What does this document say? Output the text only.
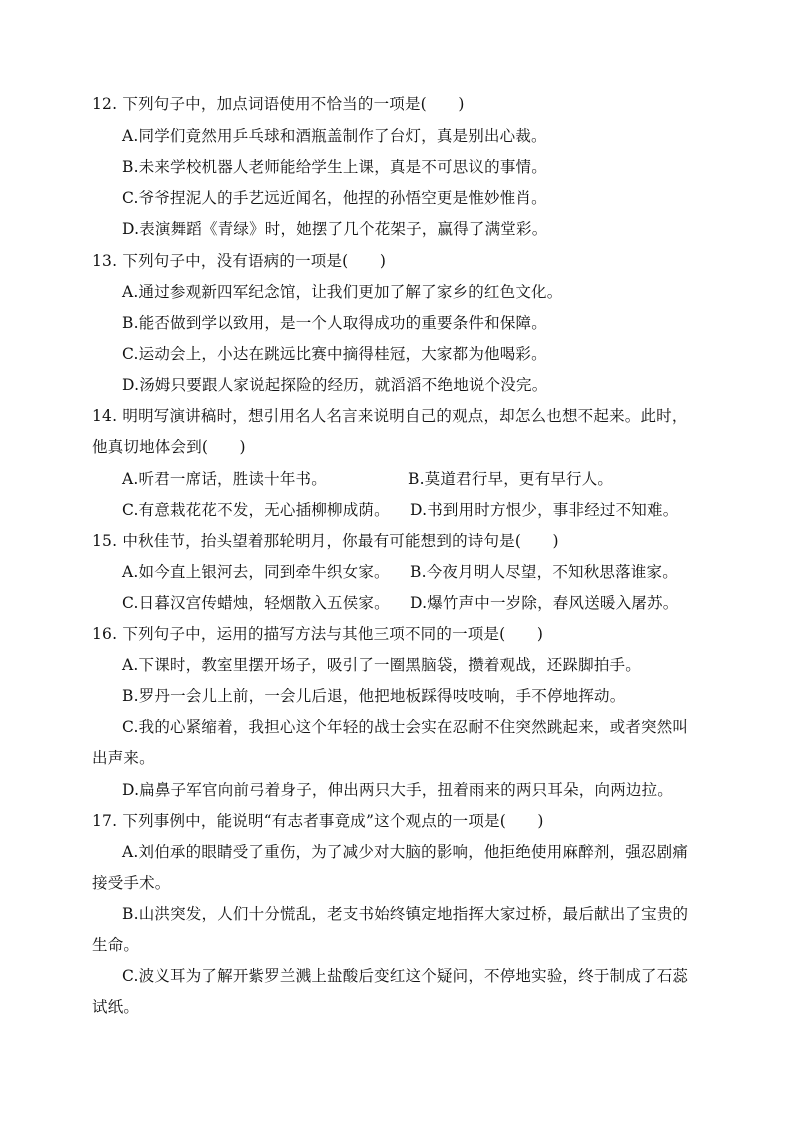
12. 下列句子中，加点词语使用不恰当的一项是(　　)

A.同学们竟然用乒乓球和酒瓶盖制作了台灯，真是别出心裁。

B.未来学校机器人老师能给学生上课，真是不可思议的事情。

C.爷爷捏泥人的手艺远近闻名，他捏的孙悟空更是惟妙惟肖。

D.表演舞蹈《青绿》时，她摆了几个花架子，赢得了满堂彩。

13. 下列句子中，没有语病的一项是(　　)

A.通过参观新四军纪念馆，让我们更加了解了家乡的红色文化。

B.能否做到学以致用，是一个人取得成功的重要条件和保障。

C.运动会上，小达在跳远比赛中摘得桂冠，大家都为他喝彩。

D.汤姆只要跟人家说起探险的经历，就滔滔不绝地说个没完。

14. 明明写演讲稿时，想引用名人名言来说明自己的观点，却怎么也想不起来。此时，

他真切地体会到(　　)

A.听君一席话，胜读十年书。	B.莫道君行早，更有早行人。

C.有意栽花花不发，无心插柳柳成荫。 D.书到用时方恨少，事非经过不知难。

15. 中秋佳节，抬头望着那轮明月，你最有可能想到的诗句是(　　)

A.如今直上银河去，同到牵牛织女家。 B.今夜月明人尽望，不知秋思落谁家。

C.日暮汉宫传蜡烛，轻烟散入五侯家。 D.爆竹声中一岁除，春风送暖入屠苏。

16. 下列句子中，运用的描写方法与其他三项不同的一项是(　　)

A.下课时，教室里摆开场子，吸引了一圈黑脑袋，攒着观战，还跺脚拍手。

B.罗丹一会儿上前，一会儿后退，他把地板踩得吱吱响，手不停地挥动。

C.我的心紧缩着，我担心这个年轻的战士会实在忍耐不住突然跳起来，或者突然叫

出声来。

D.扁鼻子军官向前弓着身子，伸出两只大手，扭着雨来的两只耳朵，向两边拉。

17. 下列事例中，能说明“有志者事竟成”这个观点的一项是(　　)

A.刘伯承的眼睛受了重伤，为了减少对大脑的影响，他拒绝使用麻醉剂，强忍剧痛

接受手术。

B.山洪突发，人们十分慌乱，老支书始终镇定地指挥大家过桥，最后献出了宝贵的

生命。

C.波义耳为了解开紫罗兰溅上盐酸后变红这个疑问，不停地实验，终于制成了石蕊

试纸。
